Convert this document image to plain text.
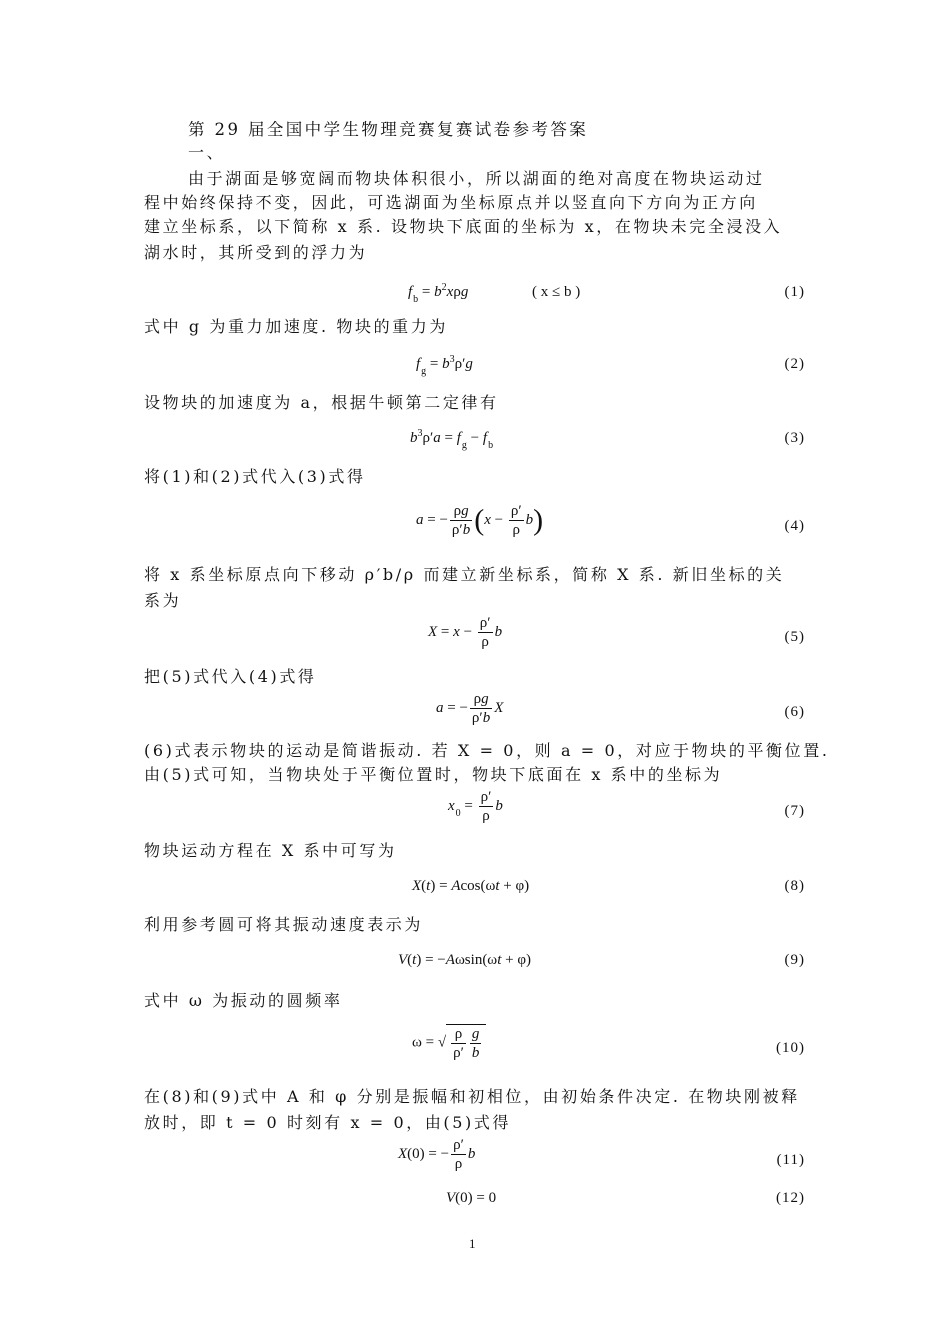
第 29 届全国中学生物理竞赛复赛试卷参考答案
一、
由于湖面是够宽阔而物块体积很小，所以湖面的绝对高度在物块运动过
程中始终保持不变，因此，可选湖面为坐标原点并以竖直向下方向为正方向
建立坐标系，以下简称 x 系. 设物块下底面的坐标为 x，在物块未完全浸没入
湖水时，其所受到的浮力为
$f_b = b^2x\rho g$	( x ≤ b )	(1)
式中 g 为重力加速度. 物块的重力为
$f_g = b^3\rho'g$	(2)
设物块的加速度为 a，根据牛顿第二定律有
$b^3\rho'a = f_g - f_b$	(3)
将(1)和(2)式代入(3)式得
a = − $\frac{\rho g}{\rho'b} (x - \frac{\rho'}{\rho} b)$	(4)
将 x 系坐标原点向下移动 ρ′b/ρ 而建立新坐标系，简称 X 系. 新旧坐标的关
系为
$X = x - \frac{\rho'}{\rho}$ b	(5)
把(5)式代入(4)式得
a = − $\frac{\rho g}{\rho'b}$ X	(6)
(6)式表示物块的运动是简谐振动. 若 X = 0，则 a = 0，对应于物块的平衡位置.
由(5)式可知，当物块处于平衡位置时，物块下底面在 x 系中的坐标为
$x_0 = \frac{\rho'}{\rho}$ b	(7)
物块运动方程在 X 系中可写为
X(t) = Acos(ωt + φ)	(8)
利用参考圆可将其振动速度表示为
V(t) = −Aωsin(ωt + φ)	(9)
式中 ω 为振动的圆频率
ω = √ $\frac{\rho}{\rho'} \frac{g}{b}$	(10)
在(8)和(9)式中 A 和 φ 分别是振幅和初相位，由初始条件决定. 在物块刚被释
放时，即 t = 0 时刻有 x = 0，由(5)式得
X(0) = − $\frac{\rho'}{\rho}$ b	(11)
V(0) = 0	(12)
1
